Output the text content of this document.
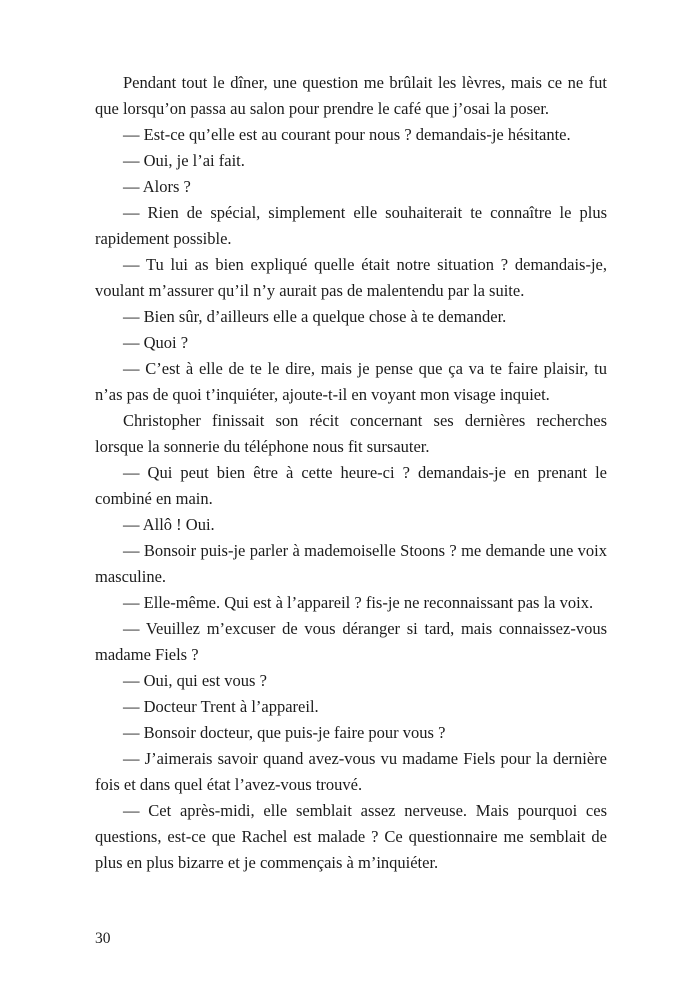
Pendant tout le dîner, une question me brûlait les lèvres, mais ce ne fut que lorsqu’on passa au salon pour prendre le café que j’osai la poser.

— Est-ce qu’elle est au courant pour nous ? demandais-je hésitante.

— Oui, je l’ai fait.

— Alors ?

— Rien de spécial, simplement elle souhaiterait te connaître le plus rapidement possible.

— Tu lui as bien expliqué quelle était notre situation ? demandais-je, voulant m’assurer qu’il n’y aurait pas de malentendu par la suite.

— Bien sûr, d’ailleurs elle a quelque chose à te demander.

— Quoi ?

— C’est à elle de te le dire, mais je pense que ça va te faire plaisir, tu n’as pas de quoi t’inquiéter, ajoute-t-il en voyant mon visage inquiet.

Christopher finissait son récit concernant ses dernières recherches lorsque la sonnerie du téléphone nous fit sursauter.

— Qui peut bien être à cette heure-ci ? demandais-je en prenant le combiné en main.

— Allô ! Oui.

— Bonsoir puis-je parler à mademoiselle Stoons ? me demande une voix masculine.

— Elle-même. Qui est à l’appareil ? fis-je ne reconnaissant pas la voix.

— Veuillez m’excuser de vous déranger si tard, mais connaissez-vous madame Fiels ?

— Oui, qui est vous ?

— Docteur Trent à l’appareil.

— Bonsoir docteur, que puis-je faire pour vous ?

— J’aimerais savoir quand avez-vous vu madame Fiels pour la dernière fois et dans quel état l’avez-vous trouvé.

— Cet après-midi, elle semblait assez nerveuse. Mais pourquoi ces questions, est-ce que Rachel est malade ? Ce questionnaire me semblait de plus en plus bizarre et je commençais à m’inquiéter.

30
